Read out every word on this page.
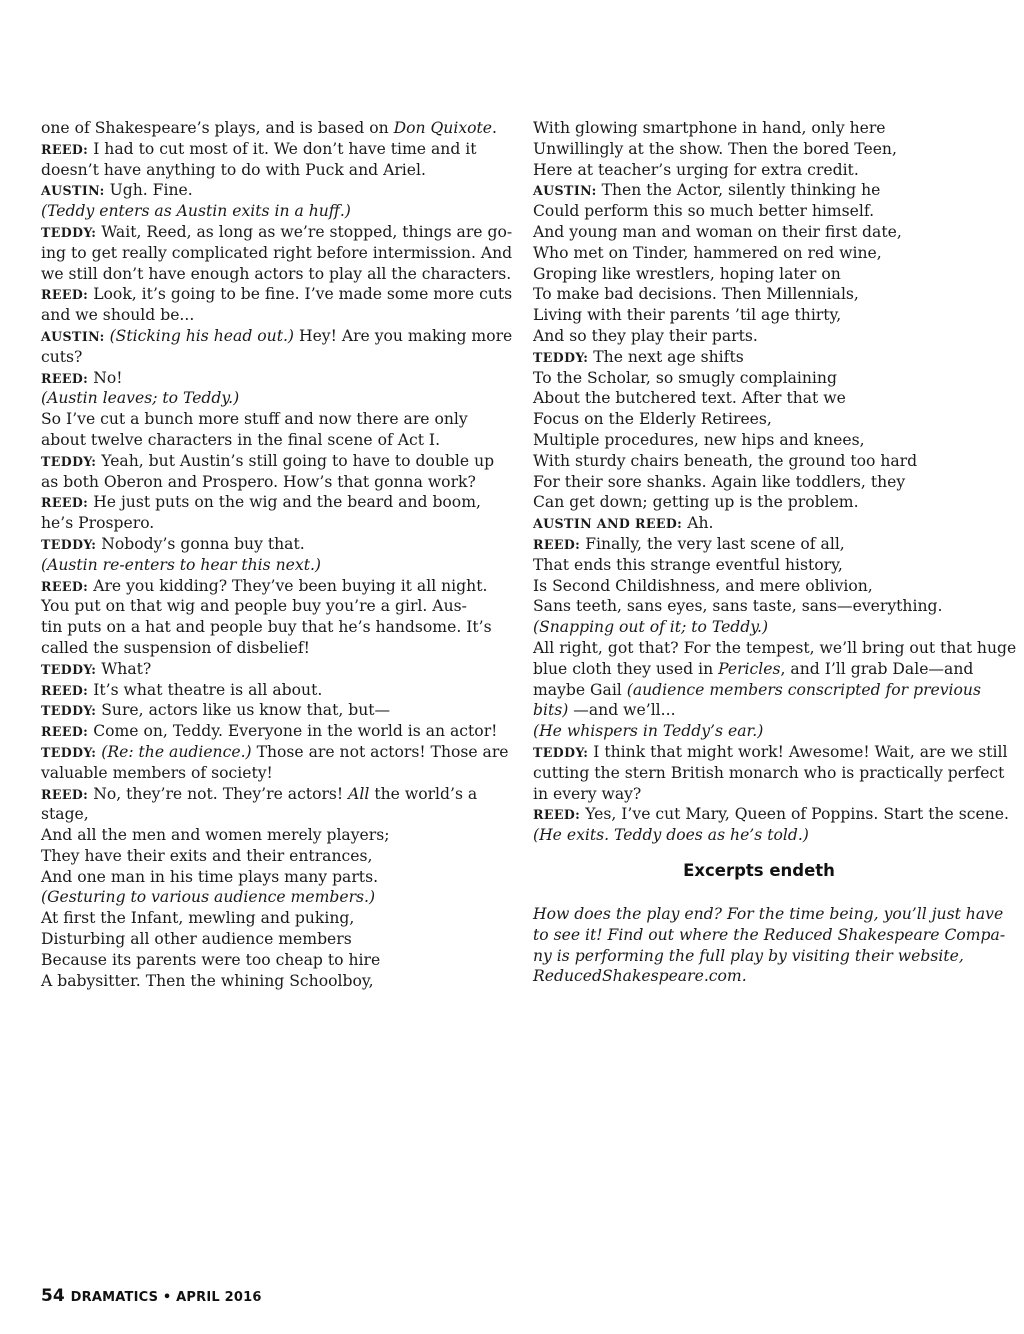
one of Shakespeare’s plays, and is based on Don Quixote.
REED: I had to cut most of it. We don’t have time and it
doesn’t have anything to do with Puck and Ariel.
AUSTIN: Ugh. Fine.
(Teddy enters as Austin exits in a huff.)
TEDDY: Wait, Reed, as long as we’re stopped, things are go-
ing to get really complicated right before intermission. And
we still don’t have enough actors to play all the characters.
REED: Look, it’s going to be fine. I’ve made some more cuts
and we should be...
AUSTIN: (Sticking his head out.) Hey! Are you making more
cuts?
REED: No!
(Austin leaves; to Teddy.)
So I’ve cut a bunch more stuff and now there are only
about twelve characters in the final scene of Act I.
TEDDY: Yeah, but Austin’s still going to have to double up
as both Oberon and Prospero. How’s that gonna work?
REED: He just puts on the wig and the beard and boom,
he’s Prospero.
TEDDY: Nobody’s gonna buy that.
(Austin re-enters to hear this next.)
REED: Are you kidding? They’ve been buying it all night.
You put on that wig and people buy you’re a girl. Aus-
tin puts on a hat and people buy that he’s handsome. It’s
called the suspension of disbelief!
TEDDY: What?
REED: It’s what theatre is all about.
TEDDY: Sure, actors like us know that, but—
REED: Come on, Teddy. Everyone in the world is an actor!
TEDDY: (Re: the audience.) Those are not actors! Those are
valuable members of society!
REED: No, they’re not. They’re actors! All the world’s a
stage,
And all the men and women merely players;
They have their exits and their entrances,
And one man in his time plays many parts.
(Gesturing to various audience members.)
At first the Infant, mewling and puking,
Disturbing all other audience members
Because its parents were too cheap to hire
A babysitter. Then the whining Schoolboy,
With glowing smartphone in hand, only here
Unwillingly at the show. Then the bored Teen,
Here at teacher’s urging for extra credit.
AUSTIN: Then the Actor, silently thinking he
Could perform this so much better himself.
And young man and woman on their first date,
Who met on Tinder, hammered on red wine,
Groping like wrestlers, hoping later on
To make bad decisions. Then Millennials,
Living with their parents ’til age thirty,
And so they play their parts.
TEDDY: The next age shifts
To the Scholar, so smugly complaining
About the butchered text. After that we
Focus on the Elderly Retirees,
Multiple procedures, new hips and knees,
With sturdy chairs beneath, the ground too hard
For their sore shanks. Again like toddlers, they
Can get down; getting up is the problem.
AUSTIN AND REED: Ah.
REED: Finally, the very last scene of all,
That ends this strange eventful history,
Is Second Childishness, and mere oblivion,
Sans teeth, sans eyes, sans taste, sans—everything.
(Snapping out of it; to Teddy.)
All right, got that? For the tempest, we’ll bring out that huge
blue cloth they used in Pericles, and I’ll grab Dale—and
maybe Gail (audience members conscripted for previous
bits) —and we’ll...
(He whispers in Teddy’s ear.)
TEDDY: I think that might work! Awesome! Wait, are we still
cutting the stern British monarch who is practically perfect
in every way?
REED: Yes, I’ve cut Mary, Queen of Poppins. Start the scene.
(He exits. Teddy does as he’s told.)
Excerpts endeth
How does the play end? For the time being, you’ll just have
to see it! Find out where the Reduced Shakespeare Compa-
ny is performing the full play by visiting their website,
ReducedShakespeare.com.
54 DRAMATICS • APRIL 2016
